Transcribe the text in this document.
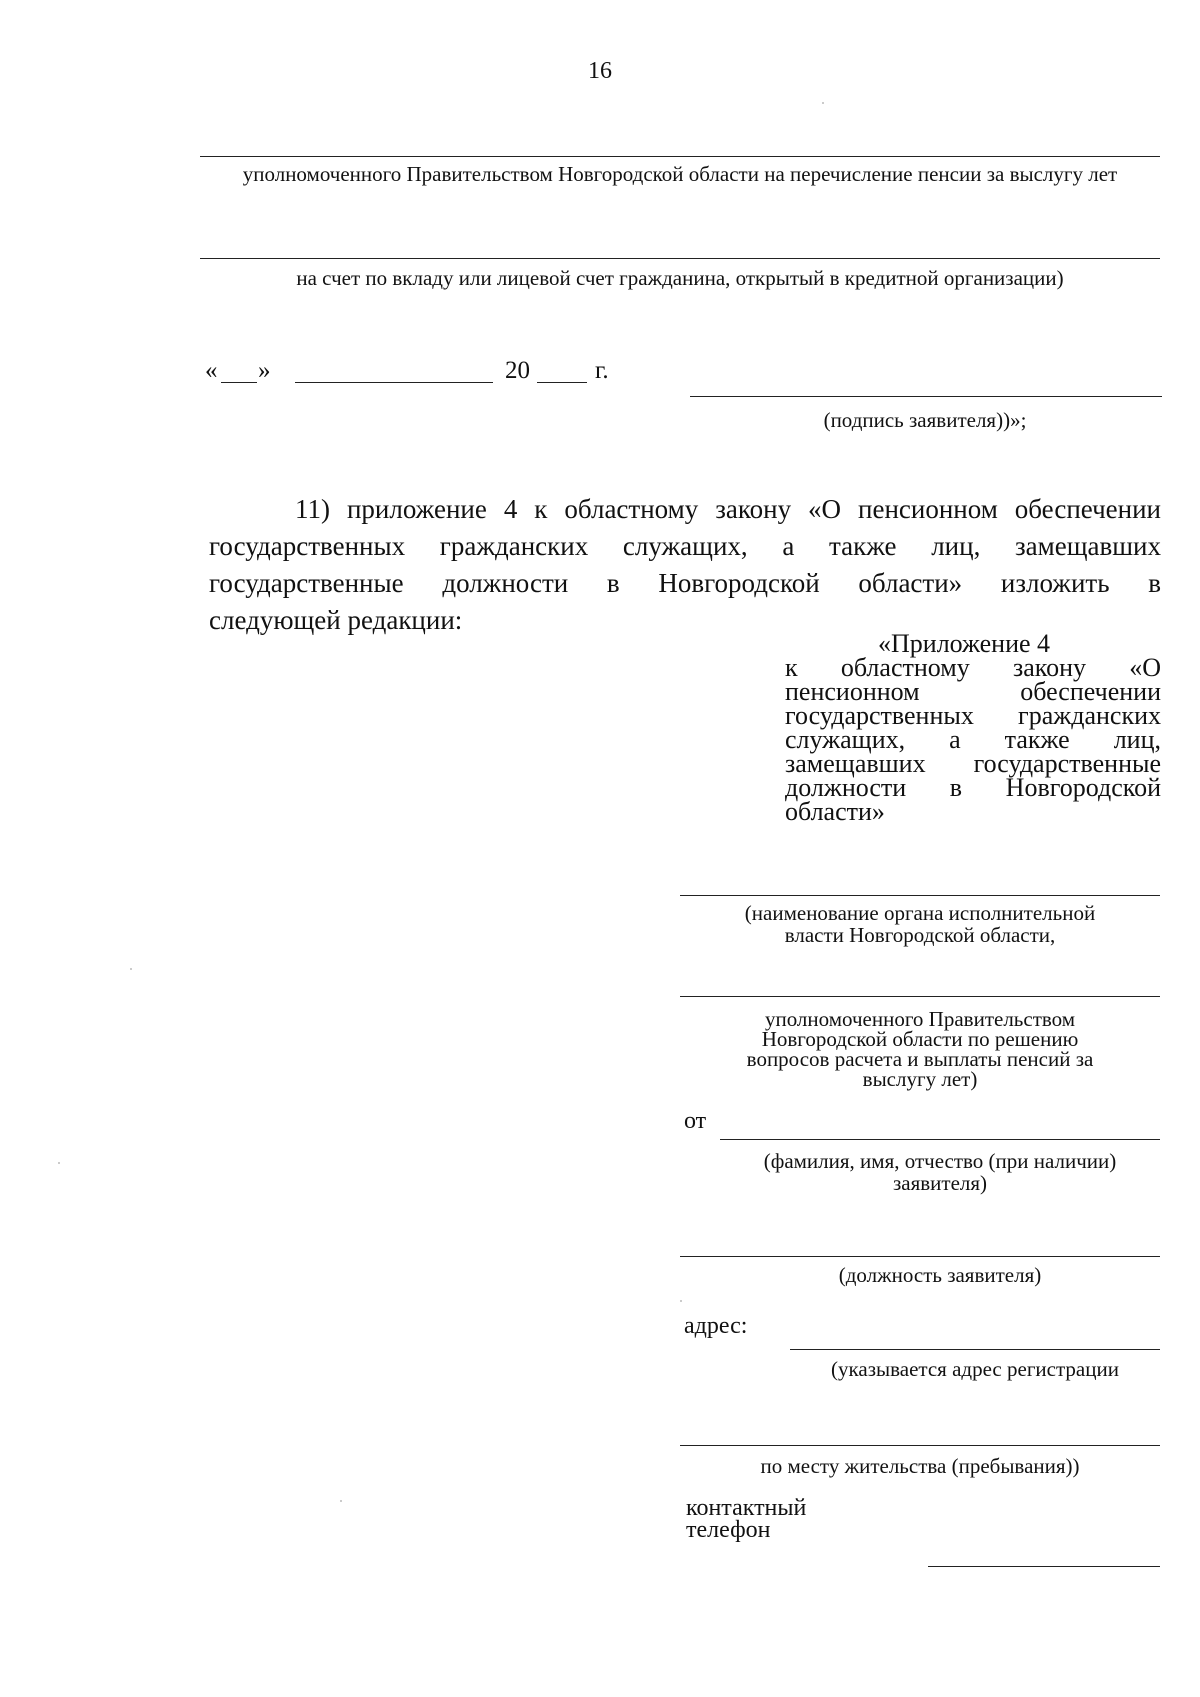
16
уполномоченного Правительством Новгородской области на перечисление пенсии за выслугу лет
на счет по вкладу или лицевой счет гражданина, открытый в кредитной организации)
« »	20	г.
(подпись заявителя))»;
11) приложение 4 к областному закону «О пенсионном обеспечении
государственных гражданских служащих, а также лиц, замещавших
государственные должности в Новгородской области» изложить в
следующей редакции:
«Приложение 4
к областному закону «О
пенсионном обеспечении
государственных гражданских
служащих, а также лиц,
замещавших государственные
должности в Новгородской
области»
(наименование органа исполнительной
власти Новгородской области,
уполномоченного Правительством
Новгородской области по решению
вопросов расчета и выплаты пенсий за
выслугу лет)
от
(фамилия, имя, отчество (при наличии)
заявителя)
(должность заявителя)
адрес:
(указывается адрес регистрации
по месту жительства (пребывания))
контактный
телефон
